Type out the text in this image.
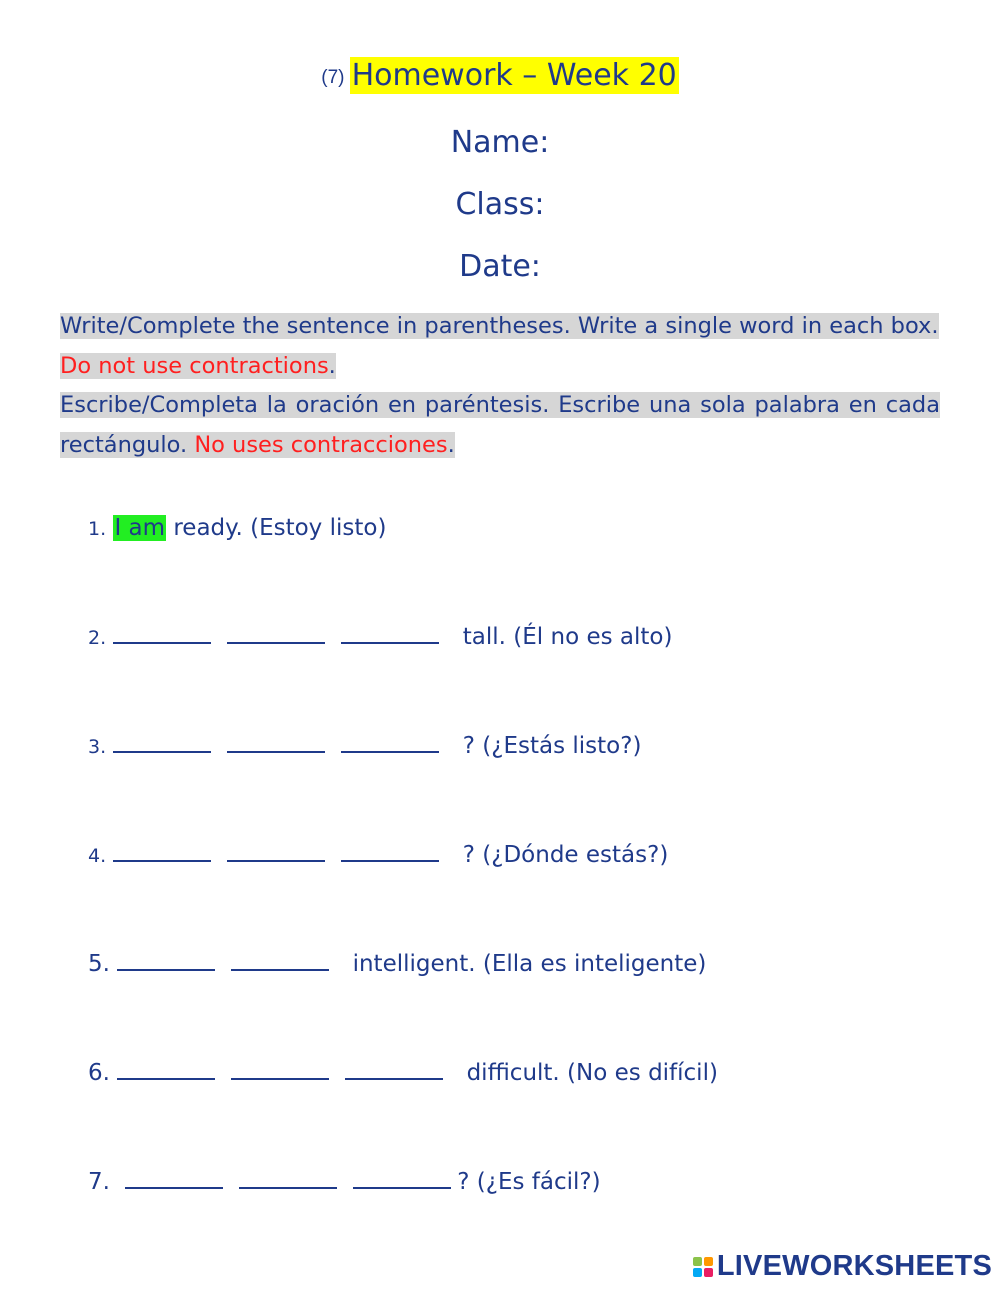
(7) Homework – Week 20
Name:
Class:
Date:
Write/Complete the sentence in parentheses. Write a single word in each box. Do not use contractions.
Escribe/Completa la oración en paréntesis. Escribe una sola palabra en cada rectángulo. No uses contracciones.
1. I am ready. (Estoy listo)
2.	tall. (Él no es alto)
3.	? (¿Estás listo?)
4.	? (¿Dónde estás?)
5.	intelligent. (Ella es inteligente)
6.	difficult. (No es difícil)
7.	? (¿Es fácil?)
LIVEWORKSHEETS
